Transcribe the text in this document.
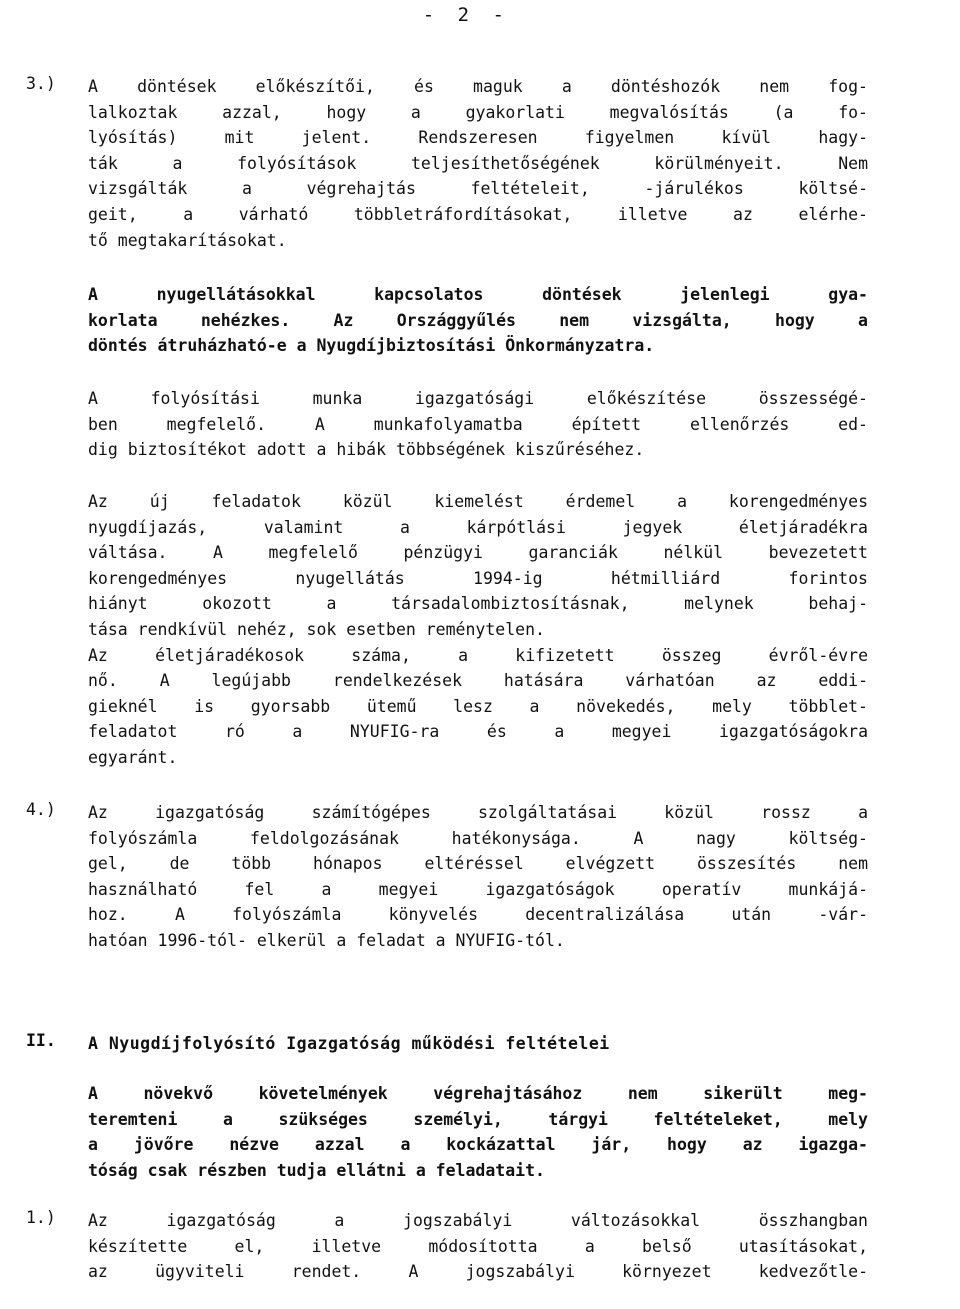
- 2 -
3.) A döntések előkészítői, és maguk a döntéshozók nem fog-
lalkoztak azzal, hogy a gyakorlati megvalósítás (a fo-
lyósítás) mit jelent. Rendszeresen figyelmen kívül hagy-
ták a folyósítások teljesíthetőségének körülményeit. Nem
vizsgálták a végrehajtás feltételeit, -járulékos költsé-
geit, a várható többletráfordításokat, illetve az elérhe-
tő megtakarításokat.
A nyugellátásokkal kapcsolatos döntések jelenlegi gya-
korlata nehézkes. Az Országgyűlés nem vizsgálta, hogy a
döntés átruházható-e a Nyugdíjbiztosítási Önkormányzatra.
A folyósítási munka igazgatósági előkészítése összességé-
ben megfelelő. A munkafolyamatba épített ellenőrzés ed-
dig biztosítékot adott a hibák többségének kiszűréséhez.
Az új feladatok közül kiemelést érdemel a korengedményes
nyugdíjazás, valamint a kárpótlási jegyek életjáradékra
váltása. A megfelelő pénzügyi garanciák nélkül bevezetett
korengedményes nyugellátás 1994-ig hétmilliárd forintos
hiányt okozott a társadalombiztosításnak, melynek behaj-
tása rendkívül nehéz, sok esetben reménytelen.
Az életjáradékosok száma, a kifizetett összeg évről-évre
nő. A legújabb rendelkezések hatására várhatóan az eddi-
gieknél is gyorsabb ütemű lesz a növekedés, mely többlet-
feladatot ró a NYUFIG-ra és a megyei igazgatóságokra
egyaránt.
4.) Az igazgatóság számítógépes szolgáltatásai közül rossz a
folyószámla feldolgozásának hatékonysága. A nagy költség-
gel, de több hónapos eltéréssel elvégzett összesítés nem
használható fel a megyei igazgatóságok operatív munkájá-
hoz. A folyószámla könyvelés decentralizálása után -vár-
hatóan 1996-tól- elkerül a feladat a NYUFIG-tól.
II. A Nyugdíjfolyósító Igazgatóság működési feltételei
A növekvő követelmények végrehajtásához nem sikerült meg-
teremteni a szükséges személyi, tárgyi feltételeket, mely
a jövőre nézve azzal a kockázattal jár, hogy az igazga-
tóság csak részben tudja ellátni a feladatait.
1.) Az igazgatóság a jogszabályi változásokkal összhangban
készítette el, illetve módosította a belső utasításokat,
az ügyviteli rendet. A jogszabályi környezet kedvezőtle-
